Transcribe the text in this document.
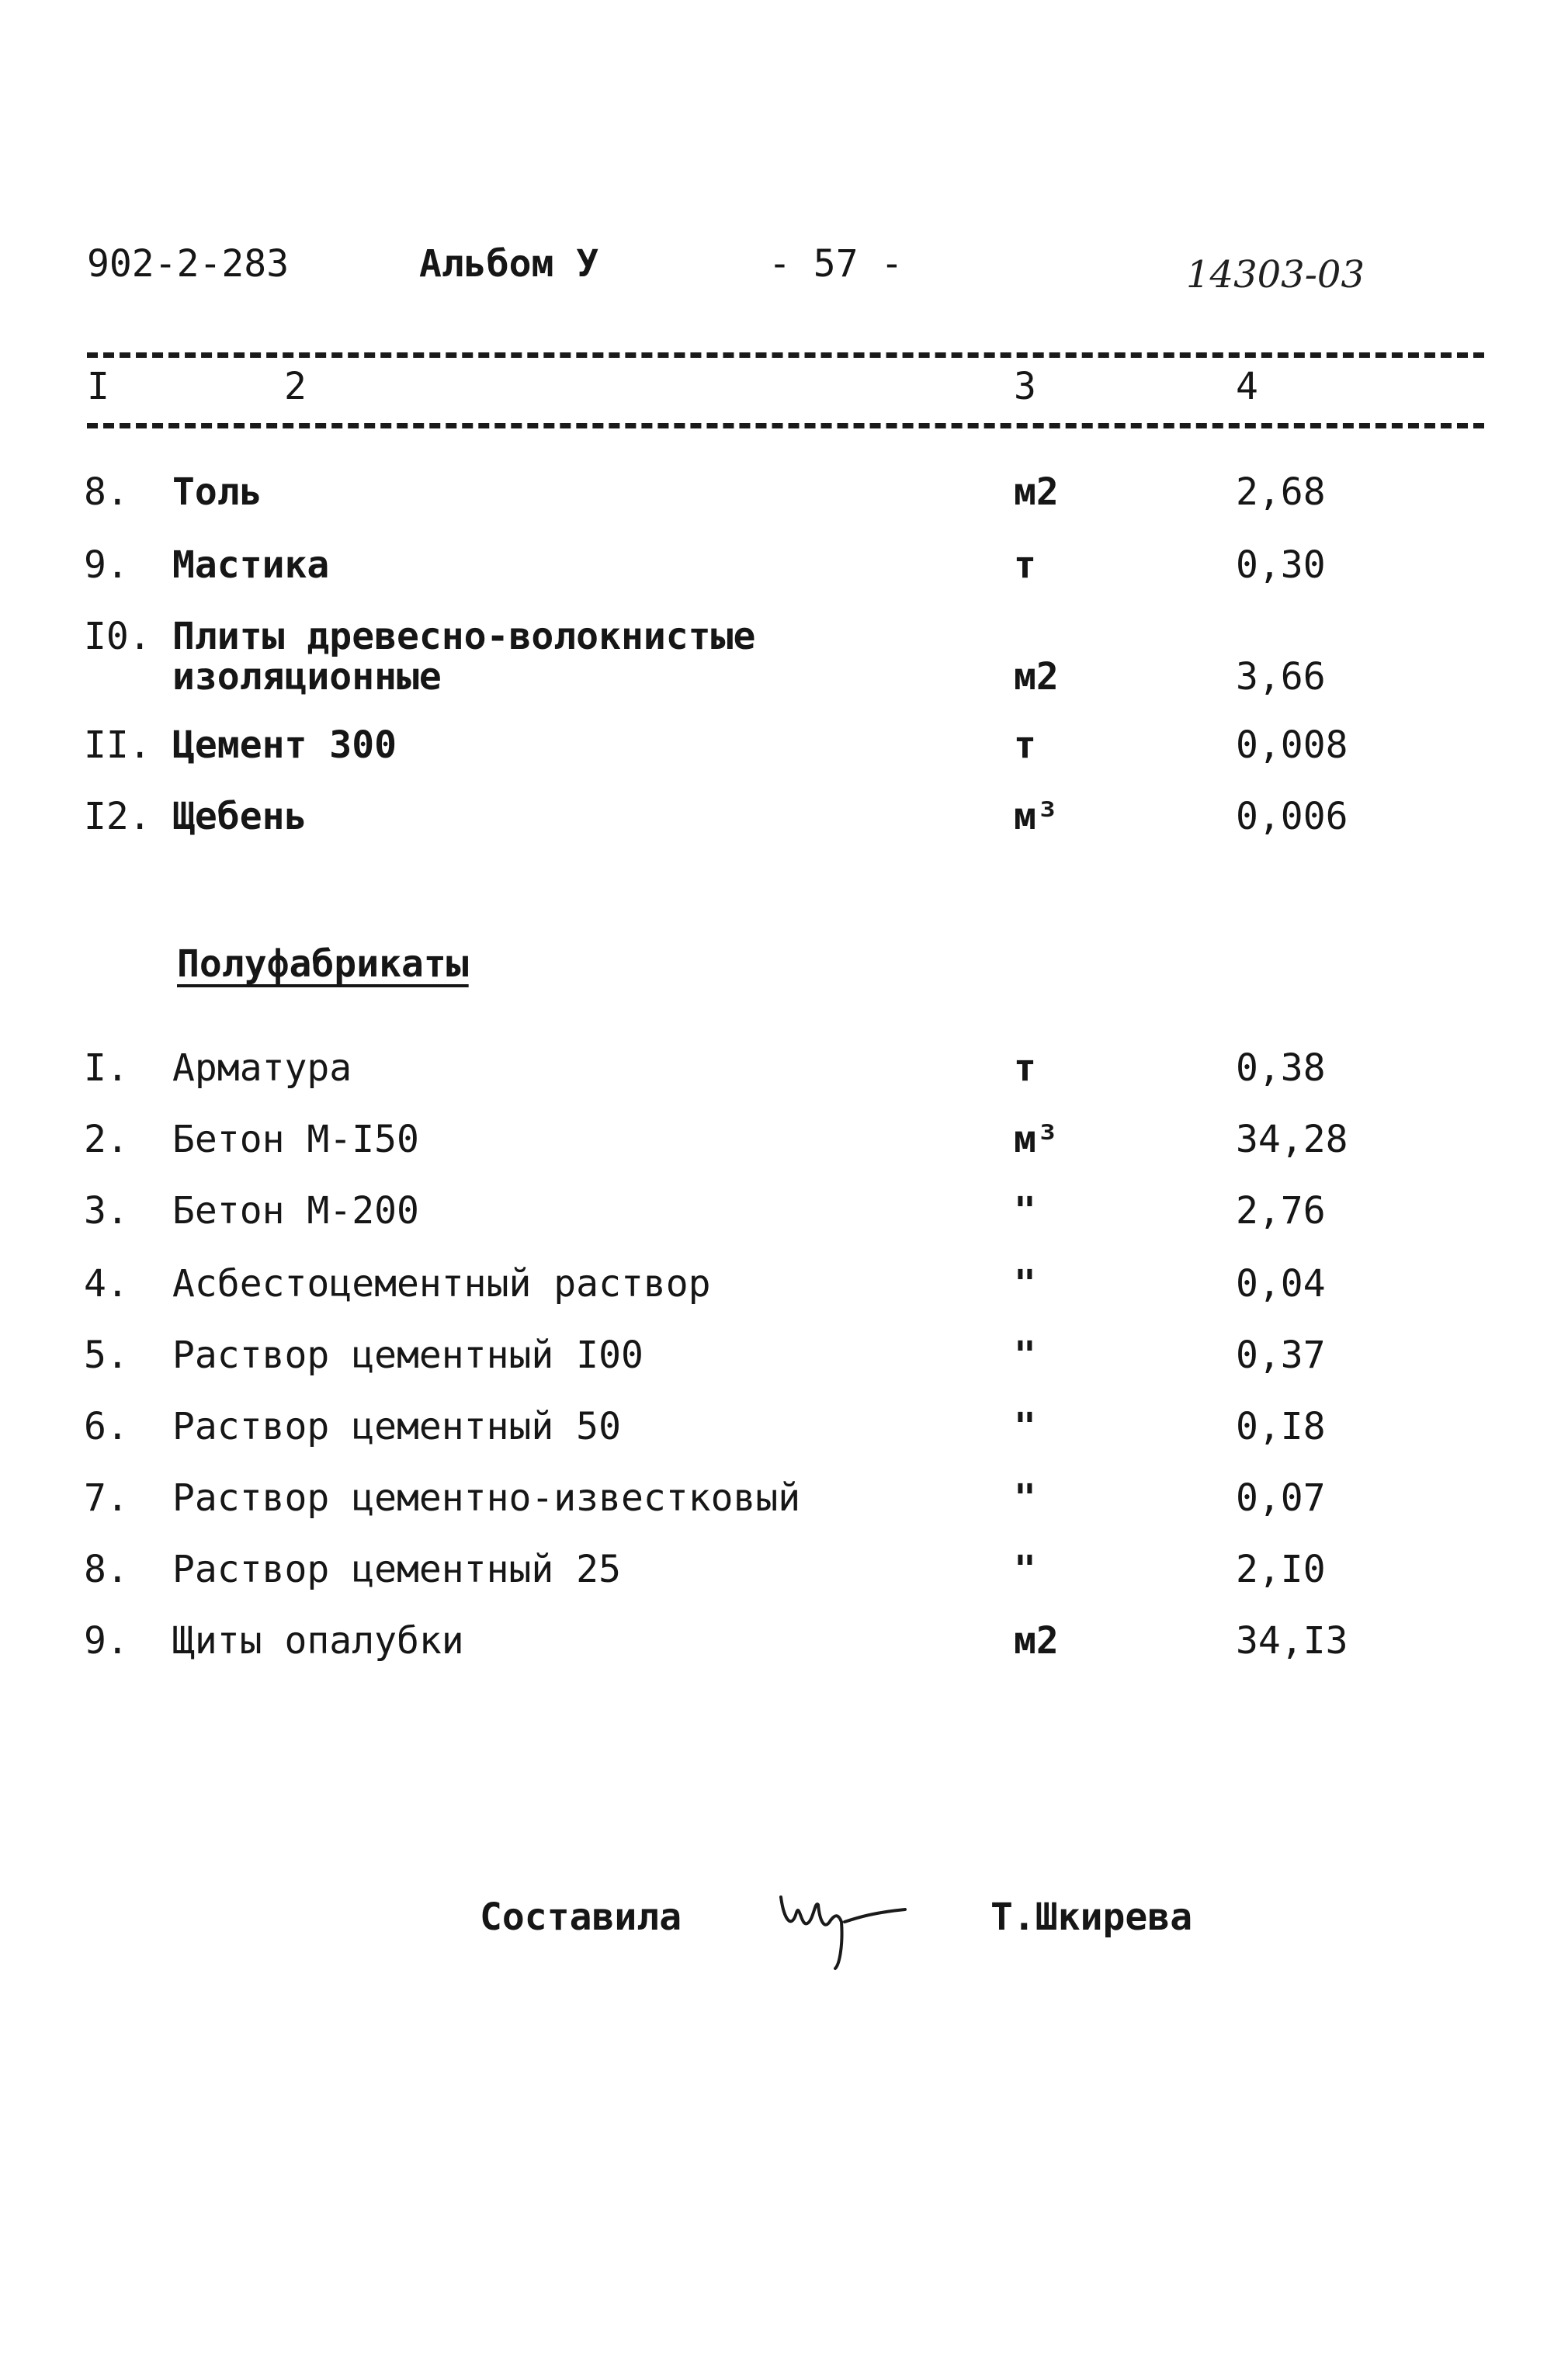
902-2-283	Альбом У	- 57 -	14303-03
I	2	3	4
8. Толь	м2	2,68
9. Мастика	т	0,30
I0. Плиты древесно-волокнистые
изоляционные	м2	3,66
II. Цемент 300	т	0,008
I2. Щебень	м³	0,006
Полуфабрикаты
I. Арматура	т	0,38
2. Бетон М-I50	м³	34,28
3. Бетон М-200	"	2,76
4. Асбестоцементный раствор	"	0,04
5. Раствор цементный I00	"	0,37
6. Раствор цементный 50	"	0,I8
7. Раствор цементно-известковый	"	0,07
8. Раствор цементный 25	"	2,I0
9. Щиты опалубки	м2	34,I3
Составила	Т.Шкирева
